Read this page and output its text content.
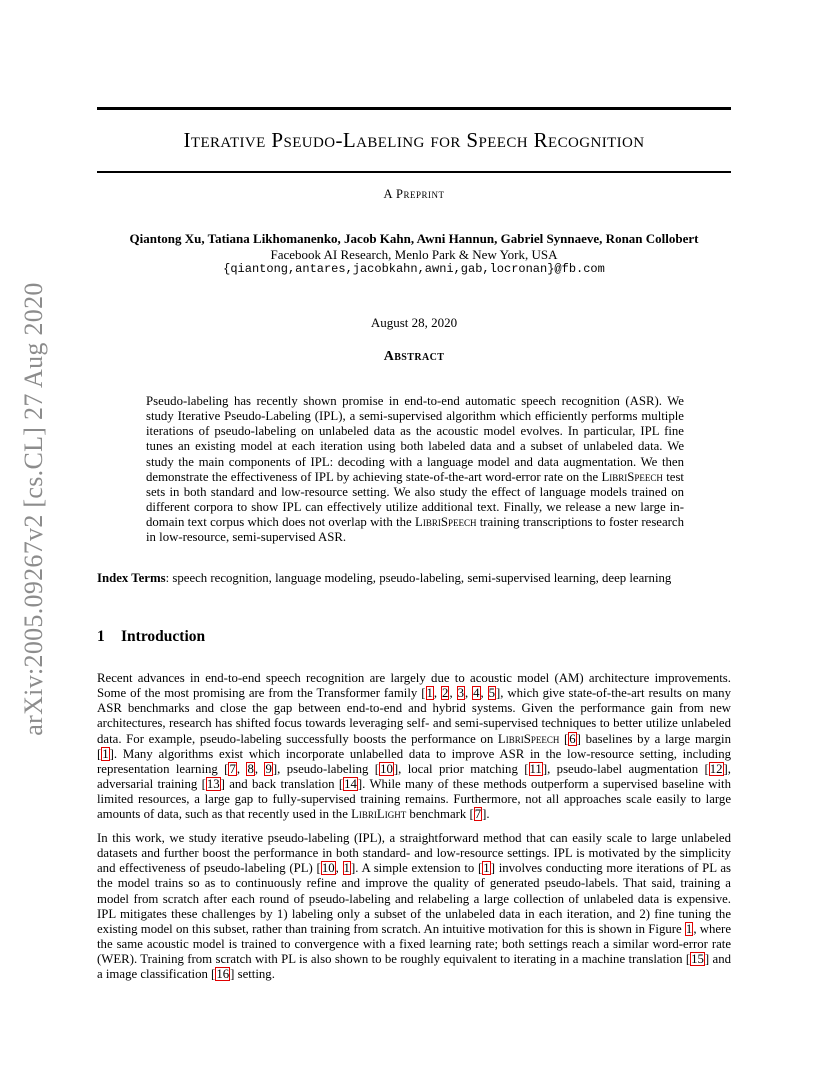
arXiv:2005.09267v2 [cs.CL] 27 Aug 2020
Iterative Pseudo-Labeling for Speech Recognition
A Preprint
Qiantong Xu, Tatiana Likhomanenko, Jacob Kahn, Awni Hannun, Gabriel Synnaeve, Ronan Collobert
Facebook AI Research, Menlo Park & New York, USA
{qiantong,antares,jacobkahn,awni,gab,locronan}@fb.com
August 28, 2020
Abstract
Pseudo-labeling has recently shown promise in end-to-end automatic speech recognition (ASR). We study Iterative Pseudo-Labeling (IPL), a semi-supervised algorithm which efficiently performs multiple iterations of pseudo-labeling on unlabeled data as the acoustic model evolves. In particular, IPL fine tunes an existing model at each iteration using both labeled data and a subset of unlabeled data. We study the main components of IPL: decoding with a language model and data augmentation. We then demonstrate the effectiveness of IPL by achieving state-of-the-art word-error rate on the LibriSpeech test sets in both standard and low-resource setting. We also study the effect of language models trained on different corpora to show IPL can effectively utilize additional text. Finally, we release a new large in-domain text corpus which does not overlap with the LibriSpeech training transcriptions to foster research in low-resource, semi-supervised ASR.
Index Terms: speech recognition, language modeling, pseudo-labeling, semi-supervised learning, deep learning
1 Introduction
Recent advances in end-to-end speech recognition are largely due to acoustic model (AM) architecture improvements. Some of the most promising are from the Transformer family [1, 2, 3, 4, 5], which give state-of-the-art results on many ASR benchmarks and close the gap between end-to-end and hybrid systems. Given the performance gain from new architectures, research has shifted focus towards leveraging self- and semi-supervised techniques to better utilize unlabeled data. For example, pseudo-labeling successfully boosts the performance on LibriSpeech [6] baselines by a large margin [1]. Many algorithms exist which incorporate unlabelled data to improve ASR in the low-resource setting, including representation learning [7, 8, 9], pseudo-labeling [10], local prior matching [11], pseudo-label augmentation [12], adversarial training [13] and back translation [14]. While many of these methods outperform a supervised baseline with limited resources, a large gap to fully-supervised training remains. Furthermore, not all approaches scale easily to large amounts of data, such as that recently used in the LibriLight benchmark [7].
In this work, we study iterative pseudo-labeling (IPL), a straightforward method that can easily scale to large unlabeled datasets and further boost the performance in both standard- and low-resource settings. IPL is motivated by the simplicity and effectiveness of pseudo-labeling (PL) [10, 1]. A simple extension to [1] involves conducting more iterations of PL as the model trains so as to continuously refine and improve the quality of generated pseudo-labels. That said, training a model from scratch after each round of pseudo-labeling and relabeling a large collection of unlabeled data is expensive. IPL mitigates these challenges by 1) labeling only a subset of the unlabeled data in each iteration, and 2) fine tuning the existing model on this subset, rather than training from scratch. An intuitive motivation for this is shown in Figure 1, where the same acoustic model is trained to convergence with a fixed learning rate; both settings reach a similar word-error rate (WER). Training from scratch with PL is also shown to be roughly equivalent to iterating in a machine translation [15] and a image classification [16] setting.
